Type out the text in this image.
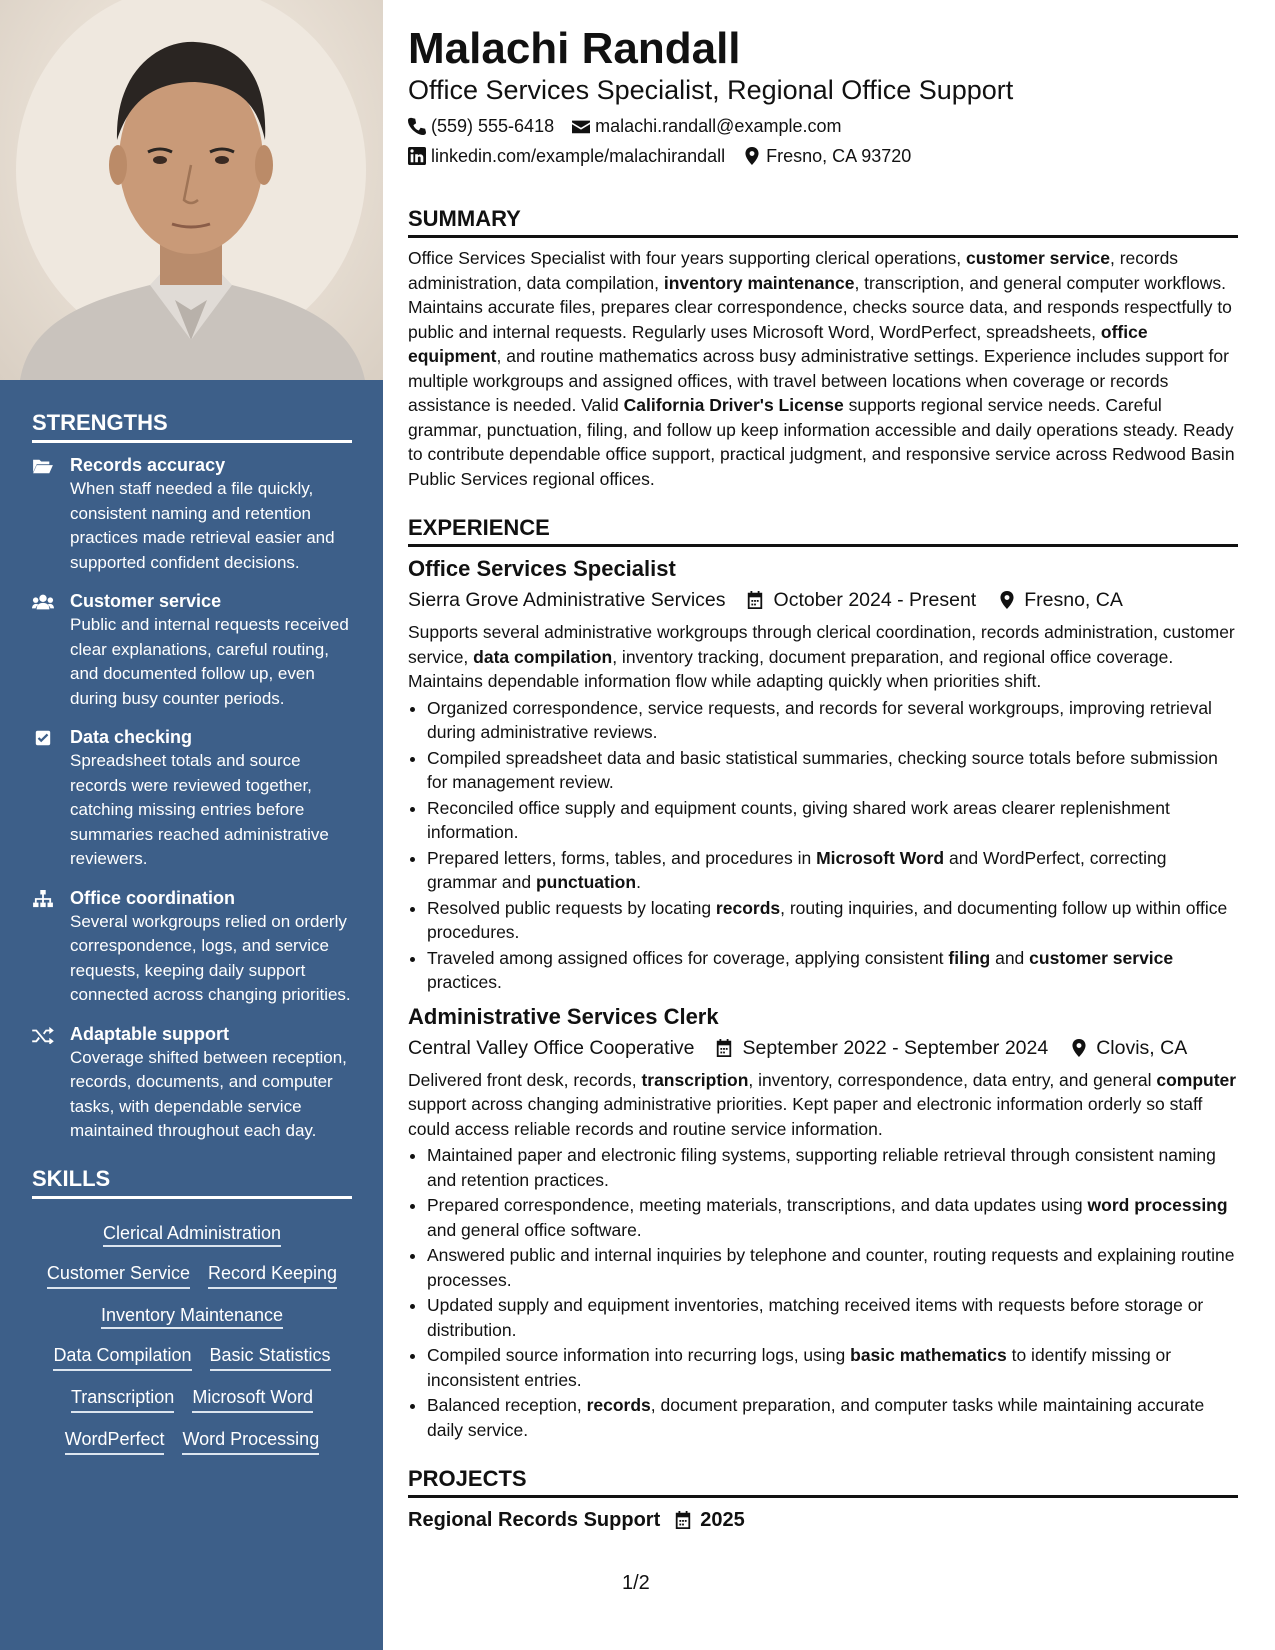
STRENGTHS
Records accuracy
When staff needed a file quickly, consistent naming and retention practices made retrieval easier and supported confident decisions.
Customer service
Public and internal requests received clear explanations, careful routing, and documented follow up, even during busy counter periods.
Data checking
Spreadsheet totals and source records were reviewed together, catching missing entries before summaries reached administrative reviewers.
Office coordination
Several workgroups relied on orderly correspondence, logs, and service requests, keeping daily support connected across changing priorities.
Adaptable support
Coverage shifted between reception, records, documents, and computer tasks, with dependable service maintained throughout each day.
SKILLS
Clerical Administration
Customer Service Record Keeping
Inventory Maintenance
Data Compilation Basic Statistics
Transcription Microsoft Word
WordPerfect Word Processing
Malachi Randall
Office Services Specialist, Regional Office Support
(559) 555-6418 malachi.randall@example.com
linkedin.com/example/malachirandall Fresno, CA 93720
SUMMARY
Office Services Specialist with four years supporting clerical operations, customer service, records administration, data compilation, inventory maintenance, transcription, and general computer workflows. Maintains accurate files, prepares clear correspondence, checks source data, and responds respectfully to public and internal requests. Regularly uses Microsoft Word, WordPerfect, spreadsheets, office equipment, and routine mathematics across busy administrative settings. Experience includes support for multiple workgroups and assigned offices, with travel between locations when coverage or records assistance is needed. Valid California Driver's License supports regional service needs. Careful grammar, punctuation, filing, and follow up keep information accessible and daily operations steady. Ready to contribute dependable office support, practical judgment, and responsive service across Redwood Basin Public Services regional offices.
EXPERIENCE
Office Services Specialist
Sierra Grove Administrative Services October 2024 - Present Fresno, CA
Supports several administrative workgroups through clerical coordination, records administration, customer service, data compilation, inventory tracking, document preparation, and regional office coverage. Maintains dependable information flow while adapting quickly when priorities shift.
• Organized correspondence, service requests, and records for several workgroups, improving retrieval during administrative reviews.
• Compiled spreadsheet data and basic statistical summaries, checking source totals before submission for management review.
• Reconciled office supply and equipment counts, giving shared work areas clearer replenishment information.
• Prepared letters, forms, tables, and procedures in Microsoft Word and WordPerfect, correcting grammar and punctuation.
• Resolved public requests by locating records, routing inquiries, and documenting follow up within office procedures.
• Traveled among assigned offices for coverage, applying consistent filing and customer service practices.
Administrative Services Clerk
Central Valley Office Cooperative September 2022 - September 2024 Clovis, CA
Delivered front desk, records, transcription, inventory, correspondence, data entry, and general computer support across changing administrative priorities. Kept paper and electronic information orderly so staff could access reliable records and routine service information.
• Maintained paper and electronic filing systems, supporting reliable retrieval through consistent naming and retention practices.
• Prepared correspondence, meeting materials, transcriptions, and data updates using word processing and general office software.
• Answered public and internal inquiries by telephone and counter, routing requests and explaining routine processes.
• Updated supply and equipment inventories, matching received items with requests before storage or distribution.
• Compiled source information into recurring logs, using basic mathematics to identify missing or inconsistent entries.
• Balanced reception, records, document preparation, and computer tasks while maintaining accurate daily service.
PROJECTS
Regional Records Support 2025
1/2
